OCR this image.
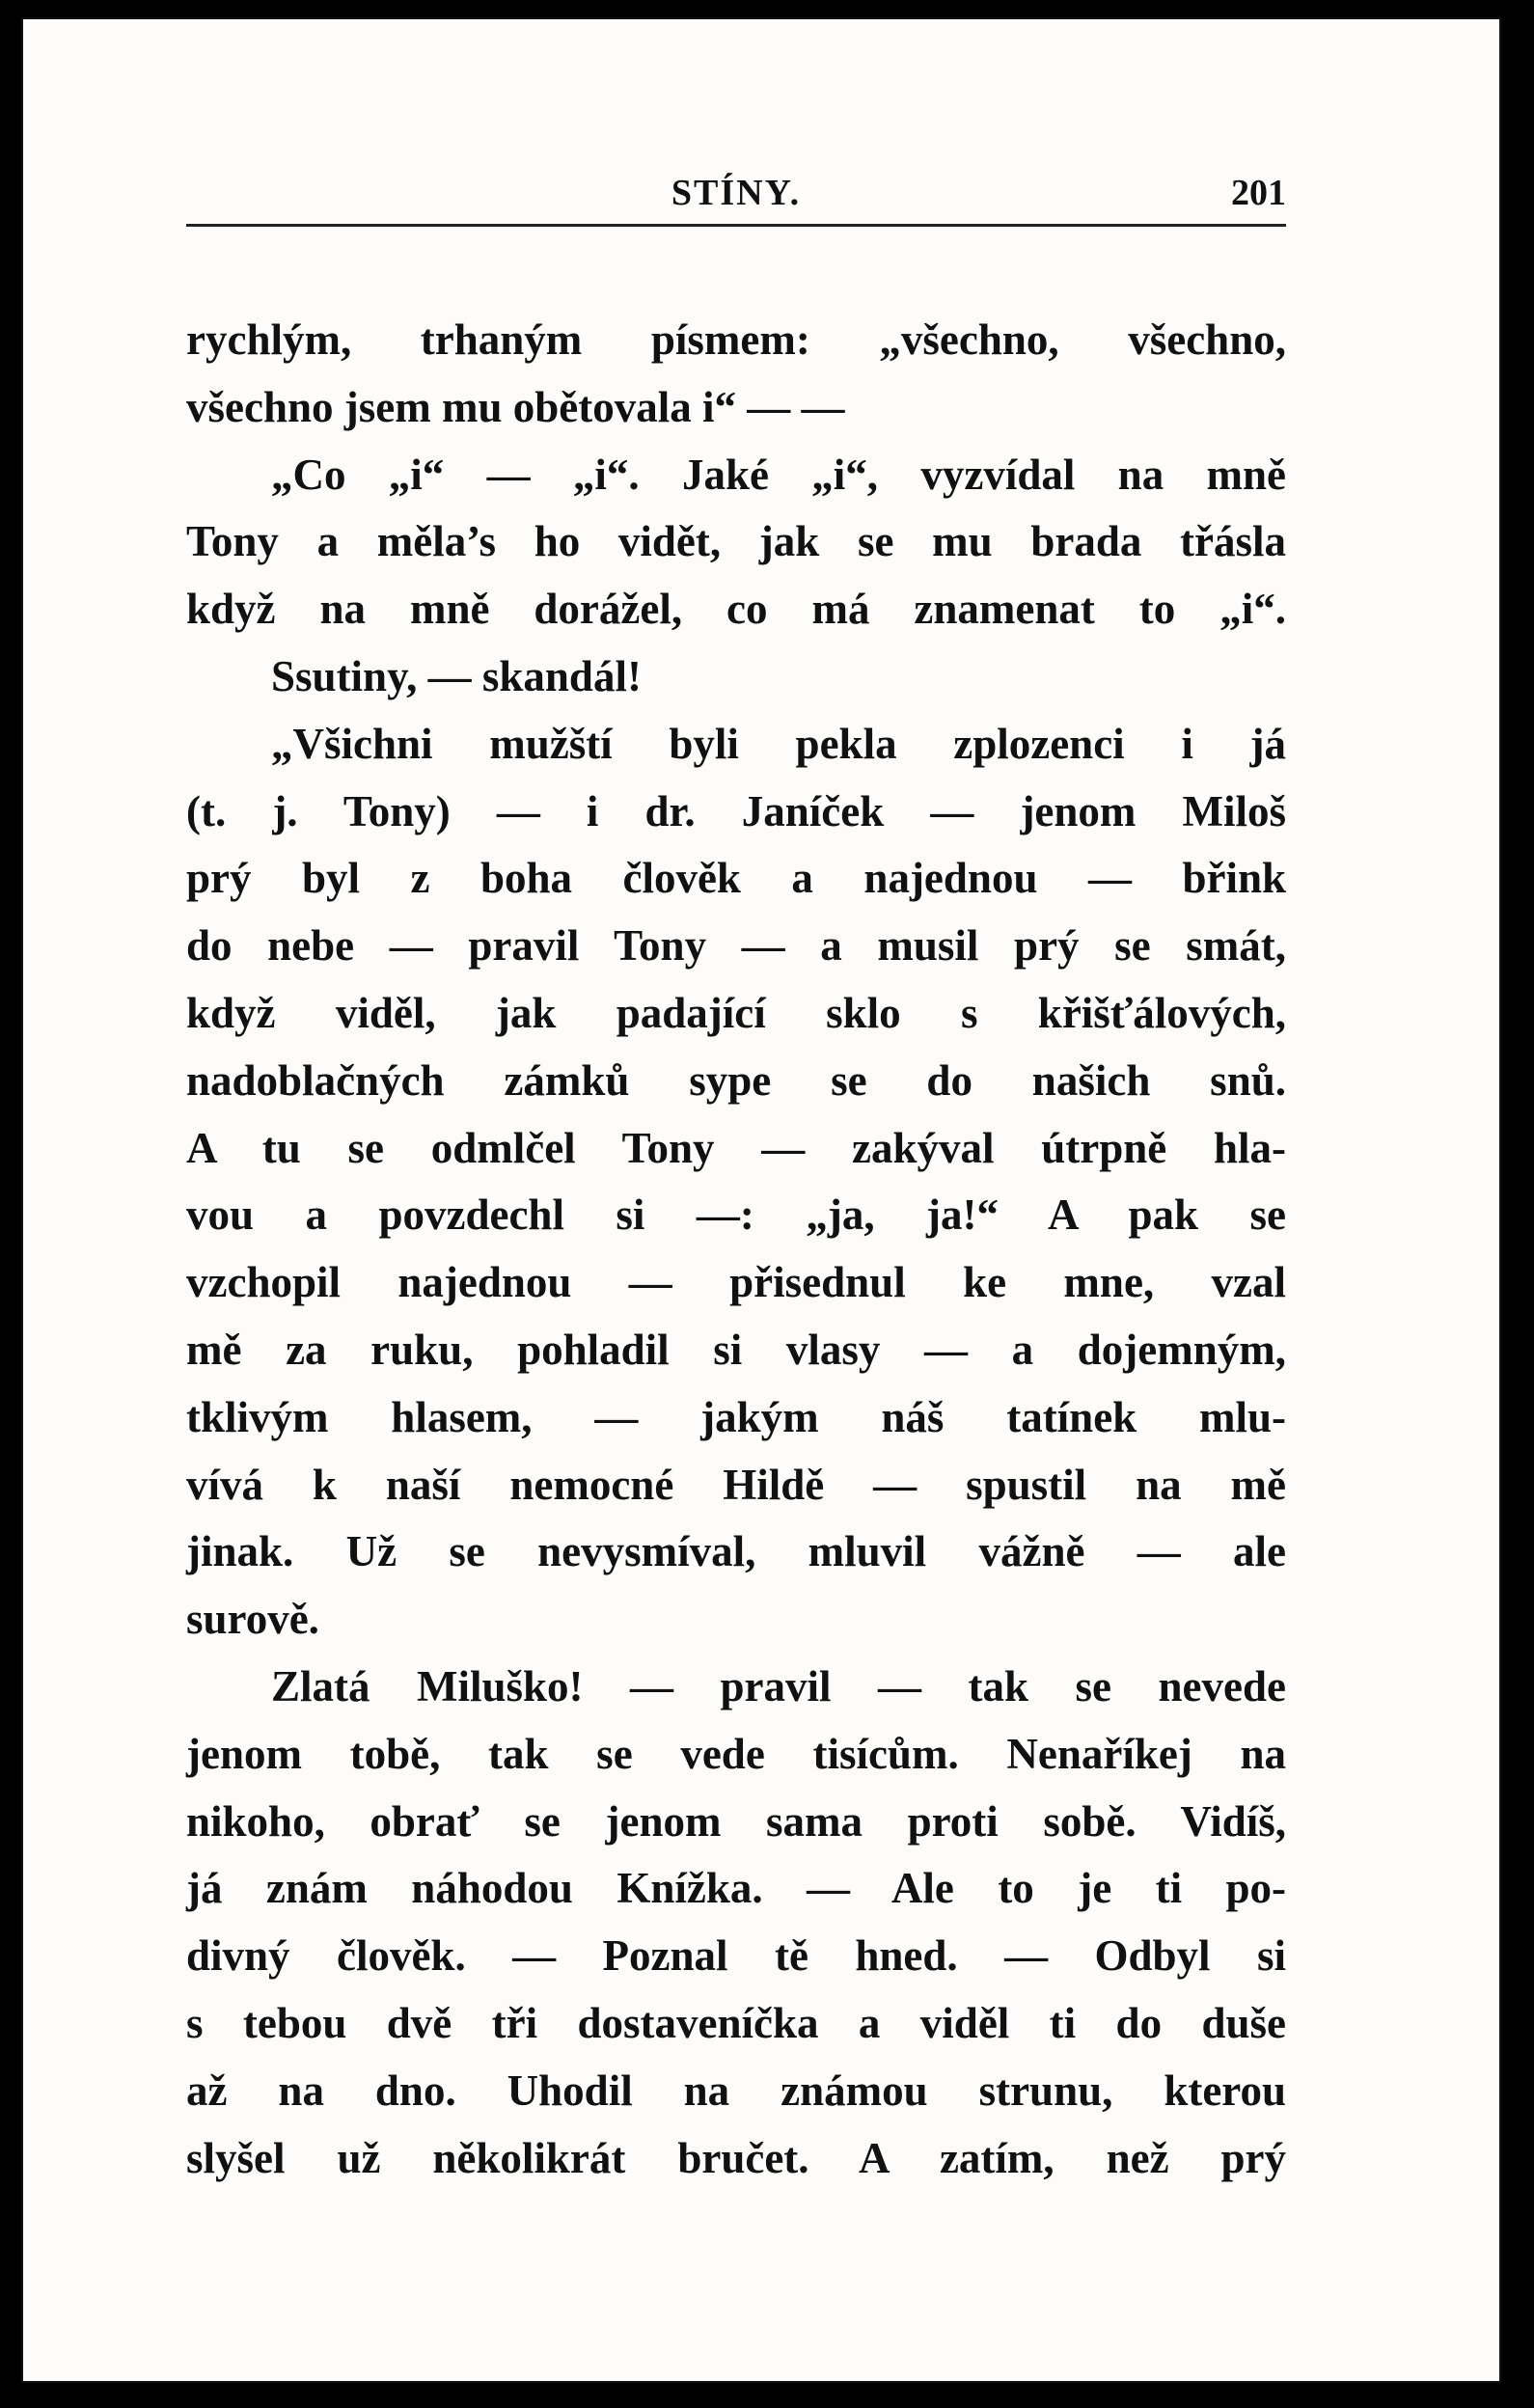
STÍNY.	201
rychlým, trhaným písmem: „všechno, všechno,
všechno jsem mu obětovala i“ — —
„Co „i“ — „i“. Jaké „i“, vyzvídal na mně
Tony a měla’s ho vidět, jak se mu brada třásla
když na mně dorážel, co má znamenat to „i“.
Ssutiny, — skandál!
„Všichni mužští byli pekla zplozenci i já
(t. j. Tony) — i dr. Janíček — jenom Miloš
prý byl z boha člověk a najednou — břink
do nebe — pravil Tony — a musil prý se smát,
když viděl, jak padající sklo s křišťálových,
nadoblačných zámků sype se do našich snů.
A tu se odmlčel Tony — zakýval útrpně hla-
vou a povzdechl si —: „ja, ja!“ A pak se
vzchopil najednou — přisednul ke mne, vzal
mě za ruku, pohladil si vlasy — a dojemným,
tklivým hlasem, — jakým náš tatínek mlu-
vívá k naší nemocné Hildě — spustil na mě
jinak. Už se nevysmíval, mluvil vážně — ale
surově.
Zlatá Miluško! — pravil — tak se nevede
jenom tobě, tak se vede tisícům. Nenaříkej na
nikoho, obrať se jenom sama proti sobě. Vidíš,
já znám náhodou Knížka. — Ale to je ti po-
divný člověk. — Poznal tě hned. — Odbyl si
s tebou dvě tři dostaveníčka a viděl ti do duše
až na dno. Uhodil na známou strunu, kterou
slyšel už několikrát bručet. A zatím, než prý
